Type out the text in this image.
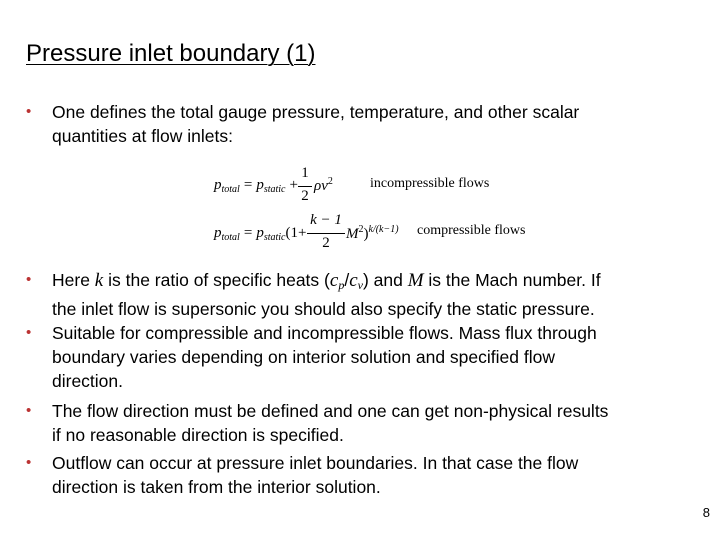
Pressure inlet boundary (1)
• One defines the total gauge pressure, temperature, and other scalar
quantities at flow inlets:
ptotal = pstatic +
1
2
$\rho v^2$	incompressible flows
ptotal = pstatic(1+
k − 1
2
$M^2)^{k/(k-1)}$ compressible flows
• Here k is the ratio of specific heats $(c_p/c_v)$ and M is the Mach number. If
the inlet flow is supersonic you should also specify the static pressure.
• Suitable for compressible and incompressible flows. Mass flux through
boundary varies depending on interior solution and specified flow
direction.
• The flow direction must be defined and one can get non-physical results
if no reasonable direction is specified.
• Outflow can occur at pressure inlet boundaries. In that case the flow
direction is taken from the interior solution.
8
